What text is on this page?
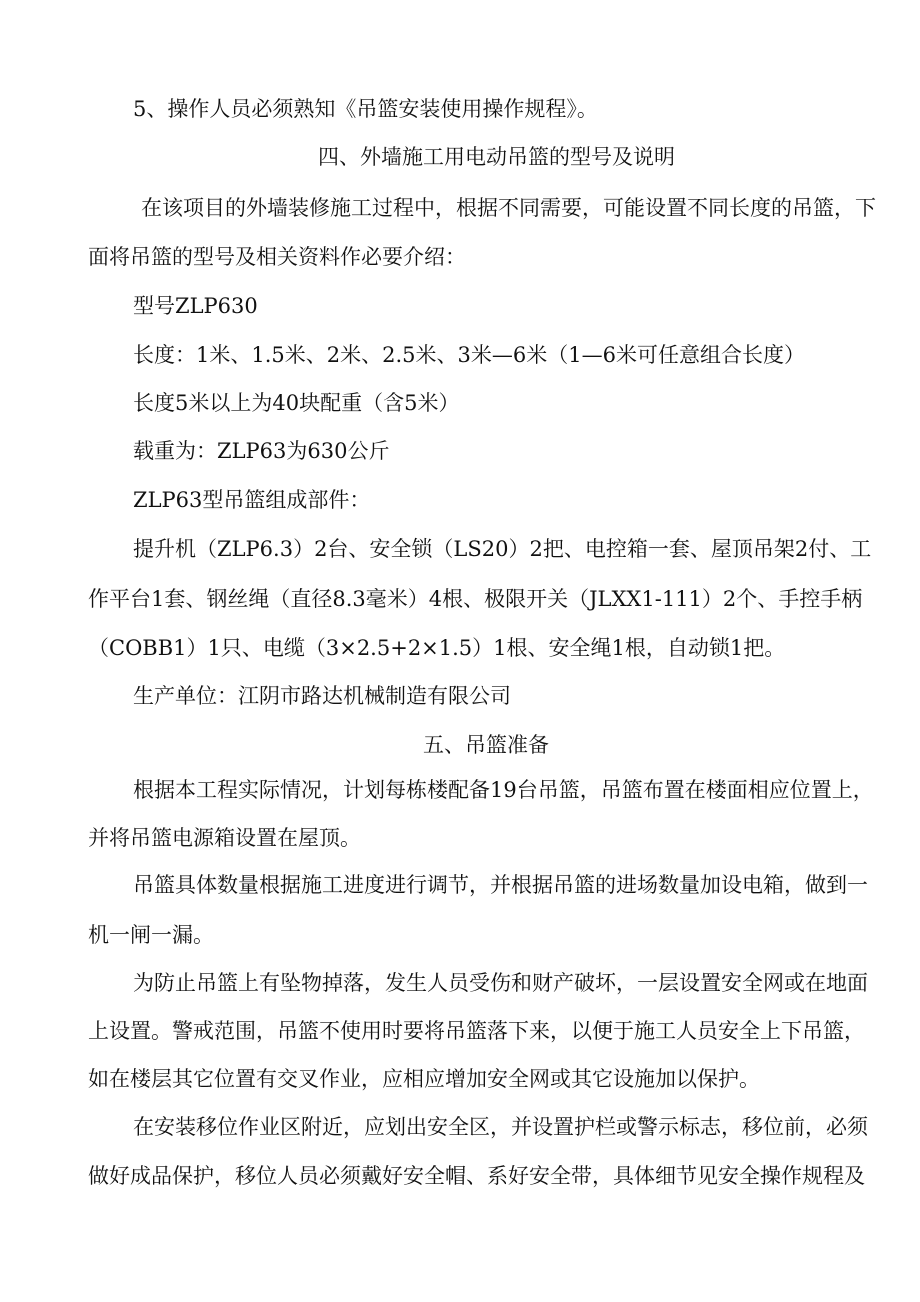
5、操作人员必须熟知《吊篮安装使用操作规程》。
四、外墙施工用电动吊篮的型号及说明
在该项目的外墙装修施工过程中，根据不同需要，可能设置不同长度的吊篮，下
面将吊篮的型号及相关资料作必要介绍：
型号ZLP630
长度：1米、1.5米、2米、2.5米、3米—6米（1—6米可任意组合长度）
长度5米以上为40块配重（含5米）
载重为：ZLP63为630公斤
ZLP63型吊篮组成部件：
提升机（ZLP6.3）2台、安全锁（LS20）2把、电控箱一套、屋顶吊架2付、工
作平台1套、钢丝绳（直径8.3毫米）4根、极限开关（JLXX1-111）2个、手控手柄
（COBB1）1只、电缆（3×2.5+2×1.5）1根、安全绳1根，自动锁1把。
生产单位：江阴市路达机械制造有限公司
五、吊篮准备
根据本工程实际情况，计划每栋楼配备19台吊篮，吊篮布置在楼面相应位置上，
并将吊篮电源箱设置在屋顶。
吊篮具体数量根据施工进度进行调节，并根据吊篮的进场数量加设电箱，做到一
机一闸一漏。
为防止吊篮上有坠物掉落，发生人员受伤和财产破坏，一层设置安全网或在地面
上设置。警戒范围，吊篮不使用时要将吊篮落下来，以便于施工人员安全上下吊篮，
如在楼层其它位置有交叉作业，应相应增加安全网或其它设施加以保护。
在安装移位作业区附近，应划出安全区，并设置护栏或警示标志，移位前，必须
做好成品保护，移位人员必须戴好安全帽、系好安全带，具体细节见安全操作规程及
